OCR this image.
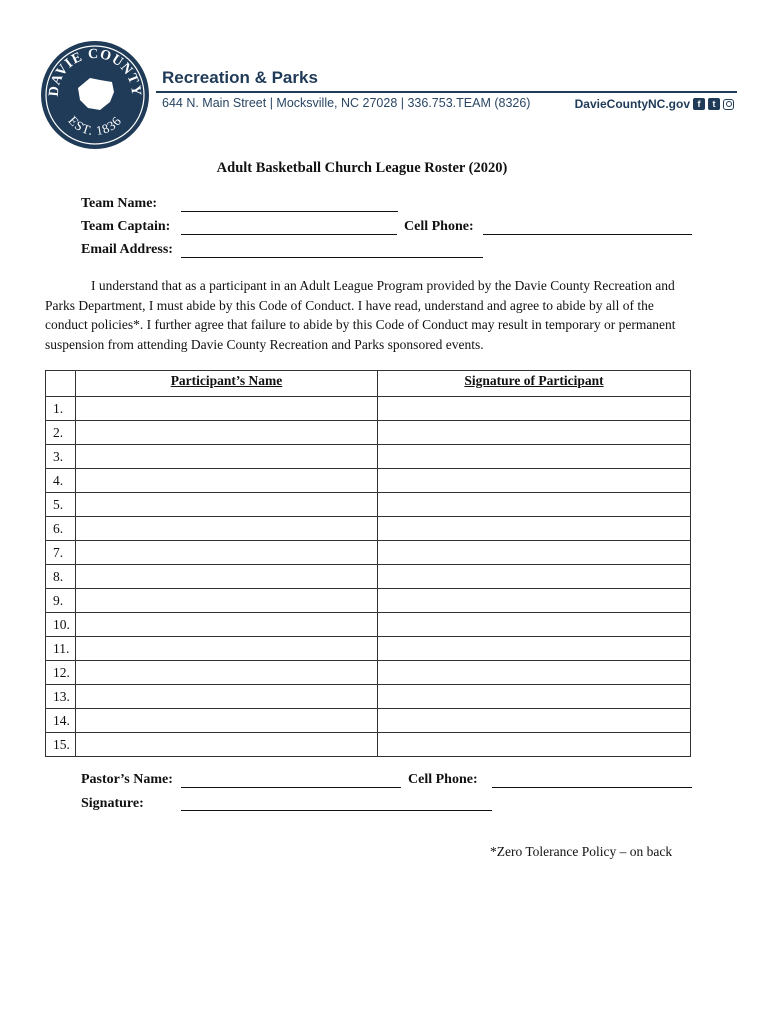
DAVIE COUNTY
EST. 1836
Recreation & Parks
644 N. Main Street | Mocksville, NC 27028 | 336.753.TEAM (8326)	DavieCountyNC.gov f	t
Adult Basketball Church League Roster (2020)
Team Name:
Team Captain:	Cell Phone:
Email Address:

I understand that as a participant in an Adult League Program provided by the Davie County Recreation and Parks Department, I must abide by this Code of Conduct. I have read, understand and agree to abide by all of the conduct policies*. I further agree that failure to abide by this Code of Conduct may result in temporary or permanent suspension from attending Davie County Recreation and Parks sponsored events.

	Participant’s Name	Signature of Participant
1.		
2.		
3.		
4.		
5.		
6.		
7.		
8.		
9.		
10.		
11.		
12.		
13.		
14.		
15.		
Pastor’s Name:	Cell Phone:
Signature:
*Zero Tolerance Policy – on back
